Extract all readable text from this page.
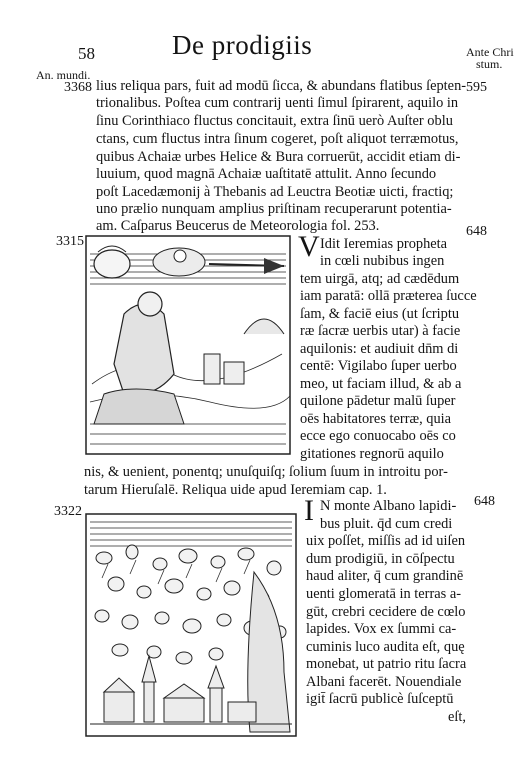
58	De prodigiis	Ante Chri
stum.
An. mundi.
3368	595
lius reliqua pars, fuit ad modū ſicca, & abundans flatibus ſepten-
trionalibus. Poſtea cum contrarij uenti ſimul ſpirarent, aquilo in
ſinu Corinthiaco fluctus concitauit, extra ſinū uerò Auſter oblu
ctans, cum fluctus intra ſinum cogeret, poſt aliquot terræmotus,
quibus Achaiæ urbes Helice & Bura corruerūt, accidit etiam di-
luuium, quod magnā Achaiæ uaſtitatē attulit. Anno ſecundo
poſt Lacedæmonij à Thebanis ad Leuctra Beotiæ uicti, fractiq;
uno prælio nunquam amplius priſtinam recuperarunt potentia-
am. Caſparus Beucerus de Meteorologia fol. 253.
3315
648
V Idit Ieremias propheta
in cœli nubibus ingen
tem uirgā, atq; ad cædēdum
iam paratā: ollā præterea ſucce
ſam, & faciē eius (ut ſcriptu
ræ ſacræ uerbis utar) à facie
aquilonis: et audiuit dn̄m di
centē: Vigilabo ſuper uerbo
meo, ut faciam illud, & ab a
quilone pādetur malū ſuper
oēs habitatores terræ, quia
ecce ego conuocabo oēs co
gitationes regnorū aquilo
nis, & uenient, ponentq; unuſquiſq; ſolium ſuum in introitu por-
tarum Hieruſalē. Reliqua uide apud Ieremiam cap. 1.
3322
648
I N monte Albano lapidi-
bus pluit. q̄d cum credi
uix poſſet, miſſis ad id uiſen
dum prodigiū, in cōſpectu
haud aliter, q̄ cum grandinē
uenti glomeratā in terras a-
gūt, crebri cecidere de cœlo
lapides. Vox ex ſummi ca-
cuminis luco audita eſt, quę
monebat, ut patrio ritu ſacra
Albani facerēt. Nouendiale
igit̄ ſacrū publicè ſuſceptū
eſt,
